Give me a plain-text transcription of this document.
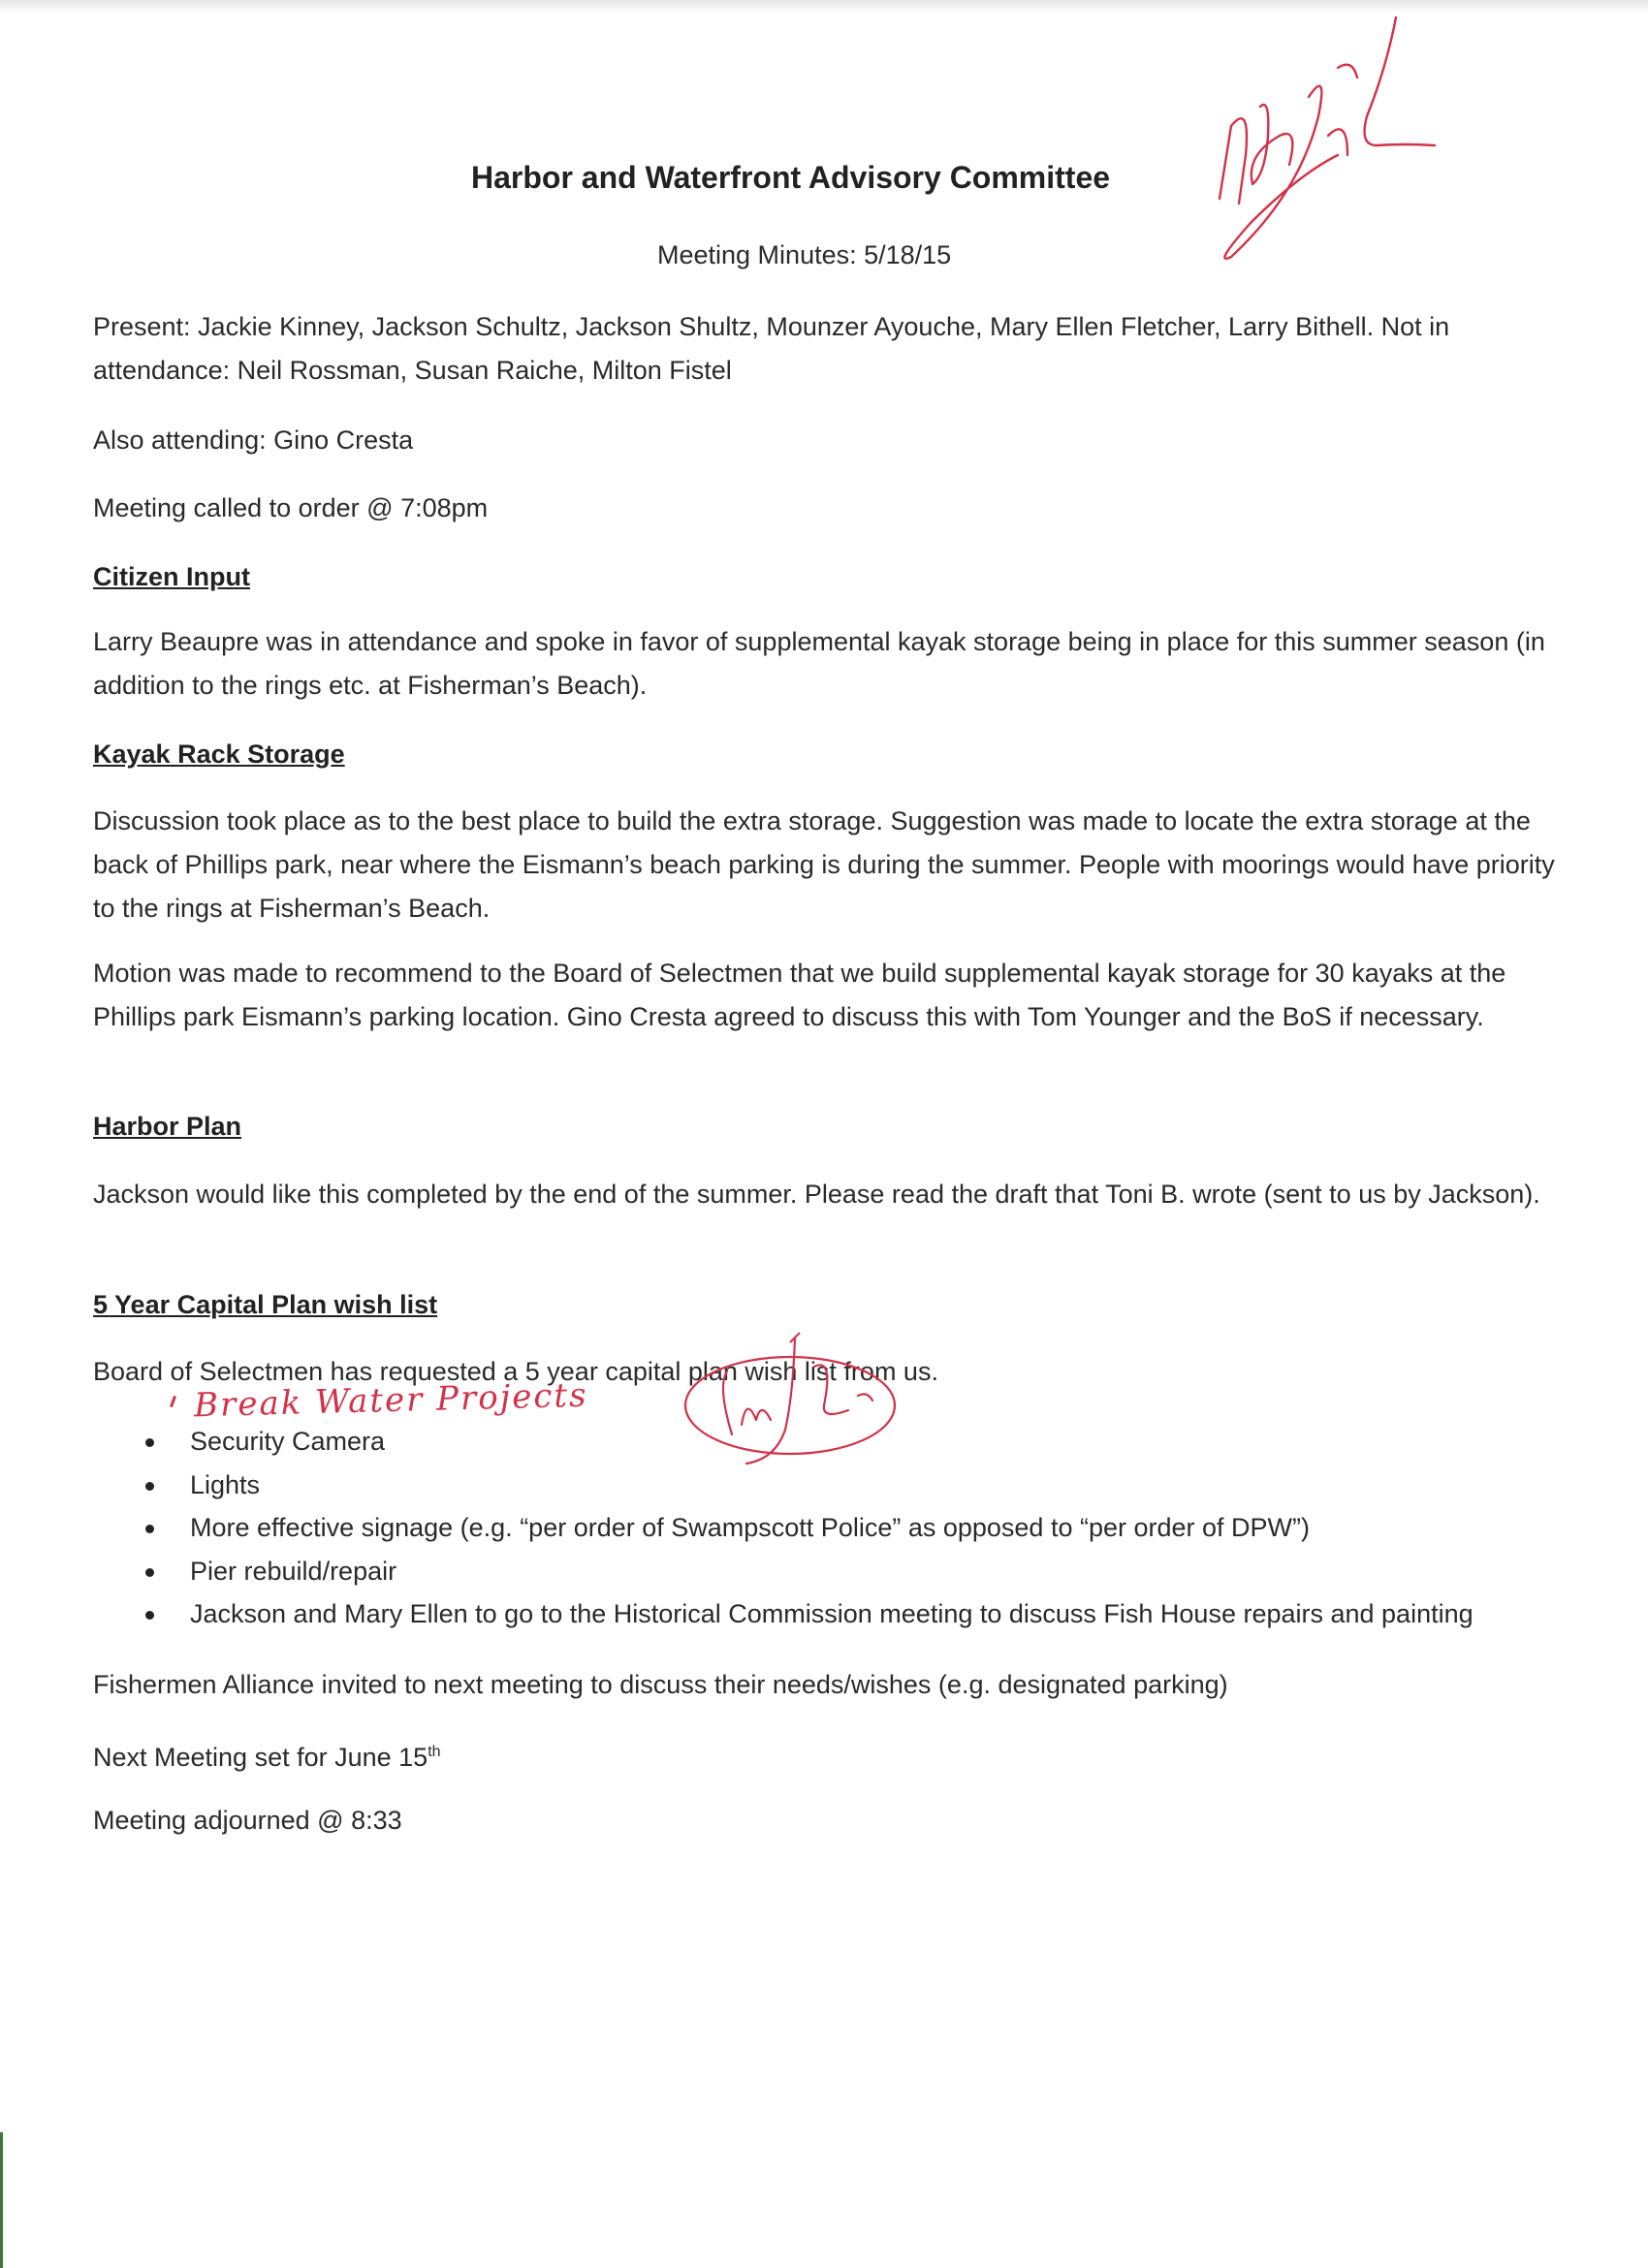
Harbor and Waterfront Advisory Committee
Meeting Minutes: 5/18/15
Present: Jackie Kinney, Jackson Schultz, Jackson Shultz, Mounzer Ayouche, Mary Ellen Fletcher, Larry Bithell. Not in attendance: Neil Rossman, Susan Raiche, Milton Fistel
Also attending: Gino Cresta
Meeting called to order @ 7:08pm
Citizen Input
Larry Beaupre was in attendance and spoke in favor of supplemental kayak storage being in place for this summer season (in addition to the rings etc. at Fisherman’s Beach).
Kayak Rack Storage
Discussion took place as to the best place to build the extra storage. Suggestion was made to locate the extra storage at the back of Phillips park, near where the Eismann’s beach parking is during the summer. People with moorings would have priority to the rings at Fisherman’s Beach.
Motion was made to recommend to the Board of Selectmen that we build supplemental kayak storage for 30 kayaks at the Phillips park Eismann’s parking location. Gino Cresta agreed to discuss this with Tom Younger and the BoS if necessary.
Harbor Plan
Jackson would like this completed by the end of the summer. Please read the draft that Toni B. wrote (sent to us by Jackson).
5 Year Capital Plan wish list
Board of Selectmen has requested a 5 year capital plan wish list from us.
Break Water Projects
Security Camera
Lights
More effective signage (e.g. “per order of Swampscott Police” as opposed to “per order of DPW”)
Pier rebuild/repair
Jackson and Mary Ellen to go to the Historical Commission meeting to discuss Fish House repairs and painting
Fishermen Alliance invited to next meeting to discuss their needs/wishes (e.g. designated parking)
Next Meeting set for June 15th
Meeting adjourned @ 8:33
